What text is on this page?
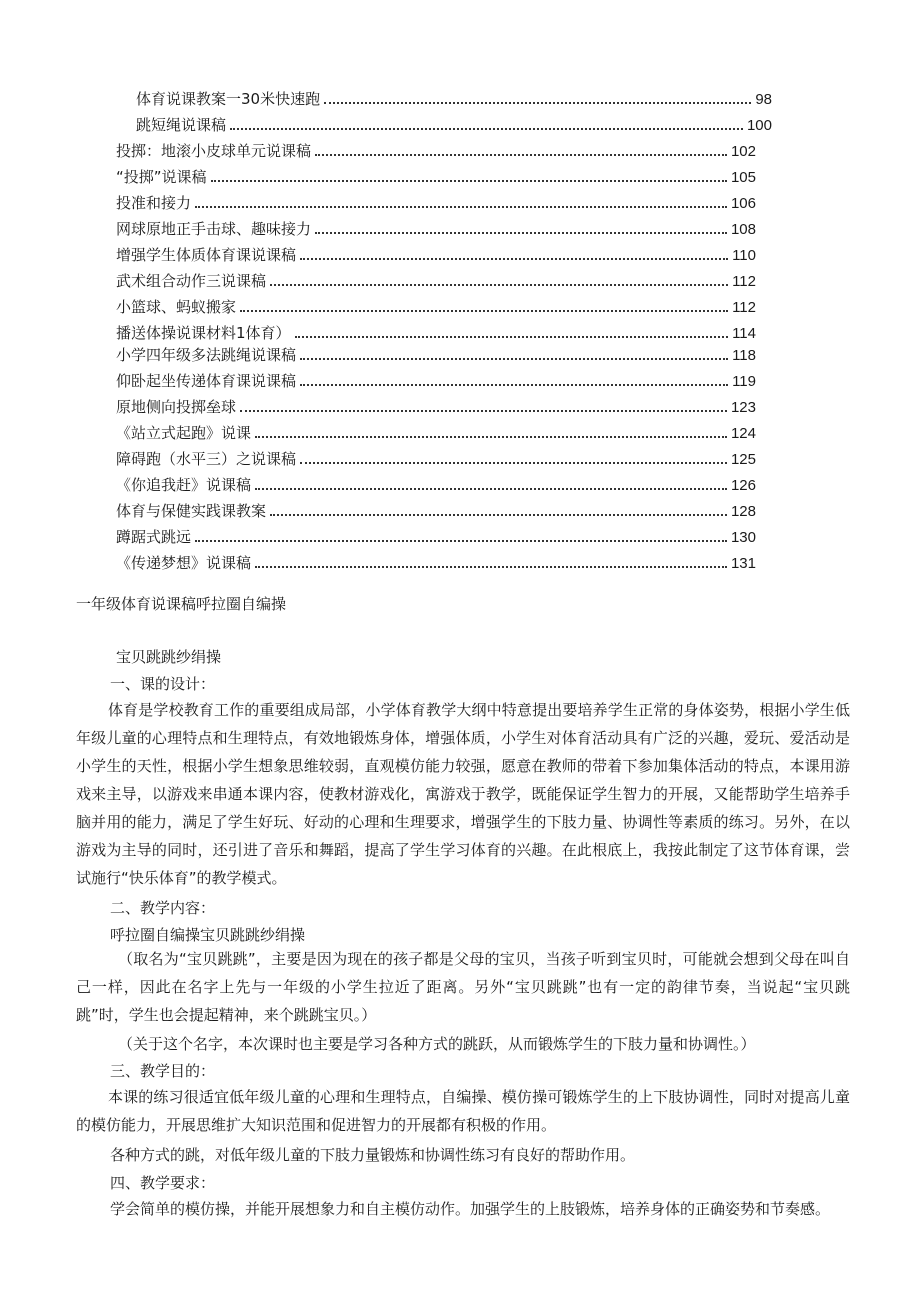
体育说课教案一30米快速跑	98
跳短绳说课稿	100
投掷：地滚小皮球单元说课稿	102
“投掷”说课稿	105
投准和接力	106
网球原地正手击球、趣味接力	108
增强学生体质体育课说课稿	110
武术组合动作三说课稿	112
小篮球、蚂蚁搬家	112
播送体操说课材料1体育）	114
小学四年级多法跳绳说课稿	118
仰卧起坐传递体育课说课稿	119
原地侧向投掷垒球	123
《站立式起跑》说课	124
障碍跑（水平三）之说课稿	125
《你追我赶》说课稿	126
体育与保健实践课教案	128
蹲踞式跳远	130
《传递梦想》说课稿	131
一年级体育说课稿呼拉圈自编操
宝贝跳跳纱绢操
一、课的设计：
体育是学校教育工作的重要组成局部，小学体育教学大纲中特意提出要培养学生正常的身体姿势，根据小学生低年级儿童的心理特点和生理特点，有效地锻炼身体，增强体质，小学生对体育活动具有广泛的兴趣，爱玩、爱活动是小学生的天性，根据小学生想象思维较弱，直观模仿能力较强，愿意在教师的带着下参加集体活动的特点，本课用游戏来主导，以游戏来串通本课内容，使教材游戏化，寓游戏于教学，既能保证学生智力的开展，又能帮助学生培养手脑并用的能力，满足了学生好玩、好动的心理和生理要求，增强学生的下肢力量、协调性等素质的练习。另外，在以游戏为主导的同时，还引进了音乐和舞蹈，提高了学生学习体育的兴趣。在此根底上，我按此制定了这节体育课，尝试施行“快乐体育”的教学模式。
二、教学内容：
呼拉圈自编操宝贝跳跳纱绢操
（取名为“宝贝跳跳”，主要是因为现在的孩子都是父母的宝贝，当孩子听到宝贝时，可能就会想到父母在叫自己一样，因此在名字上先与一年级的小学生拉近了距离。另外“宝贝跳跳”也有一定的韵律节奏，当说起“宝贝跳跳”时，学生也会提起精神，来个跳跳宝贝。）
（关于这个名字，本次课时也主要是学习各种方式的跳跃，从而锻炼学生的下肢力量和协调性。）
三、教学目的：
本课的练习很适宜低年级儿童的心理和生理特点，自编操、模仿操可锻炼学生的上下肢协调性，同时对提高儿童的模仿能力，开展思维扩大知识范围和促进智力的开展都有积极的作用。
各种方式的跳，对低年级儿童的下肢力量锻炼和协调性练习有良好的帮助作用。
四、教学要求：
学会简单的模仿操，并能开展想象力和自主模仿动作。加强学生的上肢锻炼，培养身体的正确姿势和节奏感。
